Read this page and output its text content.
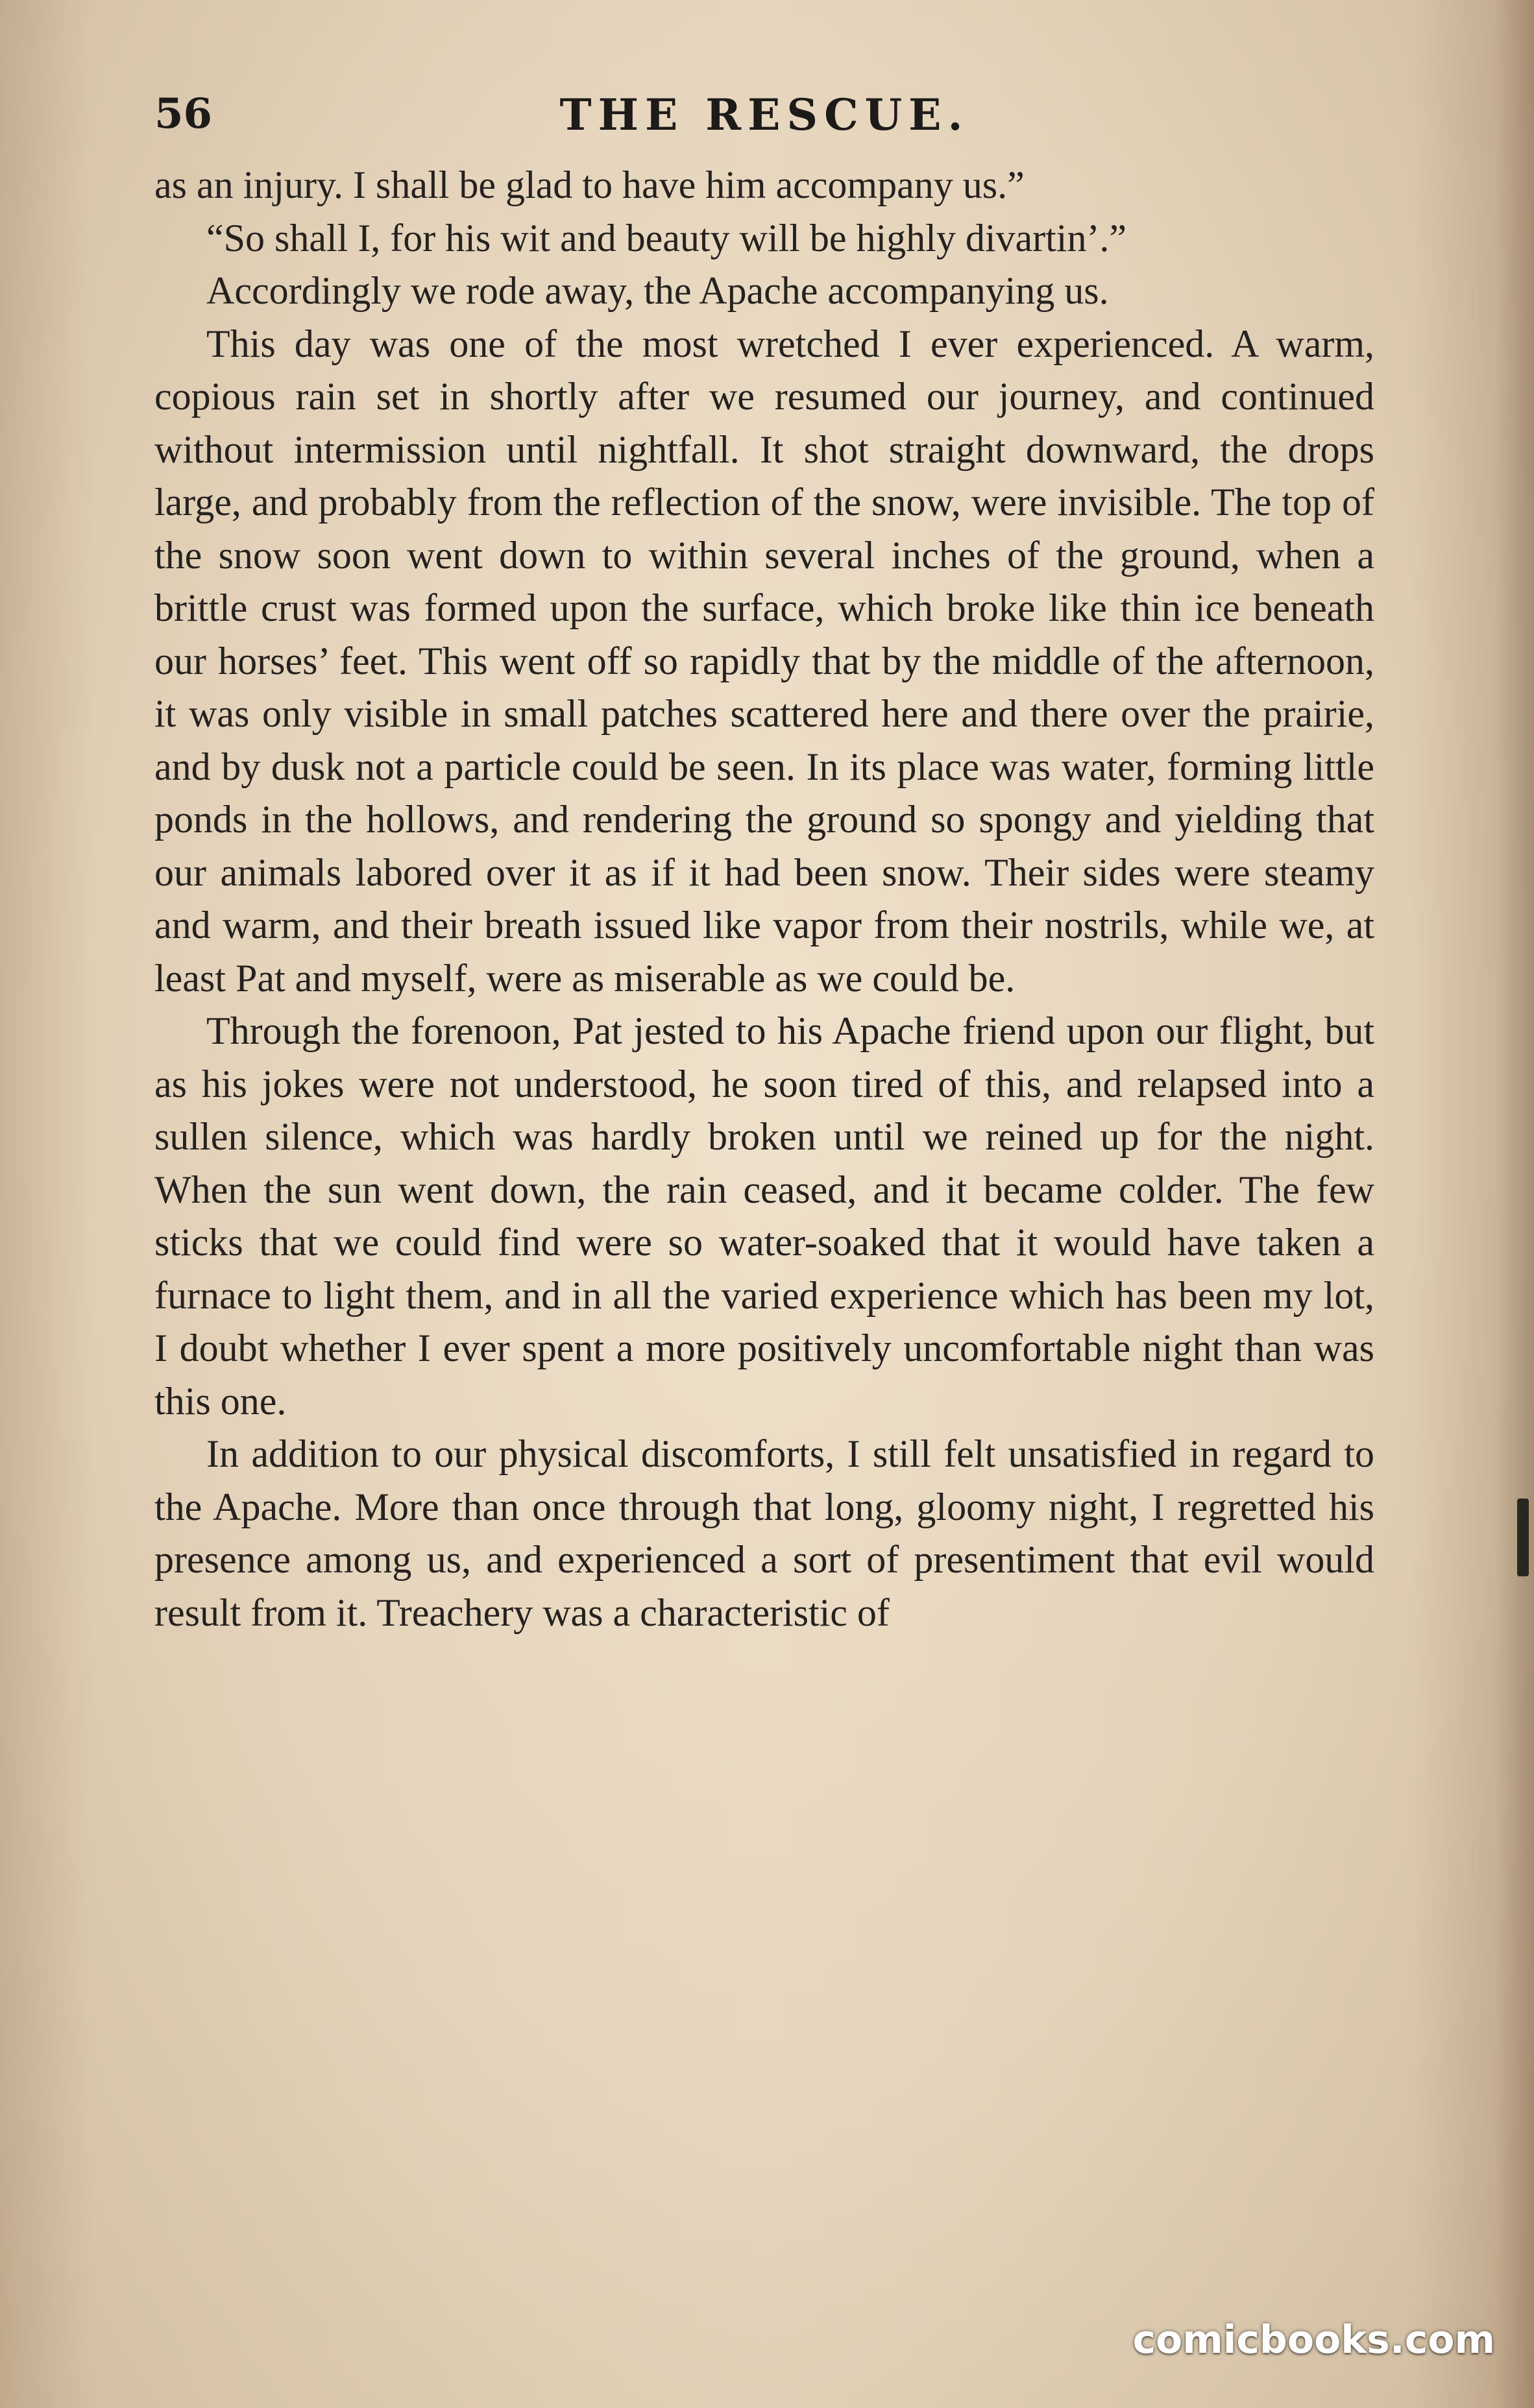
56	THE RESCUE.

as an injury. I shall be glad to have him accompany us.”

“So shall I, for his wit and beauty will be highly divartin’.”

Accordingly we rode away, the Apache accompanying us.

This day was one of the most wretched I ever experienced. A warm, copious rain set in shortly after we resumed our journey, and continued without intermission until nightfall. It shot straight downward, the drops large, and probably from the reflection of the snow, were invisible. The top of the snow soon went down to within several inches of the ground, when a brittle crust was formed upon the surface, which broke like thin ice beneath our horses’ feet. This went off so rapidly that by the middle of the afternoon, it was only visible in small patches scattered here and there over the prairie, and by dusk not a particle could be seen. In its place was water, forming little ponds in the hollows, and rendering the ground so spongy and yielding that our animals labored over it as if it had been snow. Their sides were steamy and warm, and their breath issued like vapor from their nostrils, while we, at least Pat and myself, were as miserable as we could be.

Through the forenoon, Pat jested to his Apache friend upon our flight, but as his jokes were not understood, he soon tired of this, and relapsed into a sullen silence, which was hardly broken until we reined up for the night. When the sun went down, the rain ceased, and it became colder. The few sticks that we could find were so water-soaked that it would have taken a furnace to light them, and in all the varied experience which has been my lot, I doubt whether I ever spent a more positively uncomfortable night than was this one.

In addition to our physical discomforts, I still felt unsatisfied in regard to the Apache. More than once through that long, gloomy night, I regretted his presence among us, and experienced a sort of presentiment that evil would result from it. Treachery was a characteristic of

comicbooks.com
